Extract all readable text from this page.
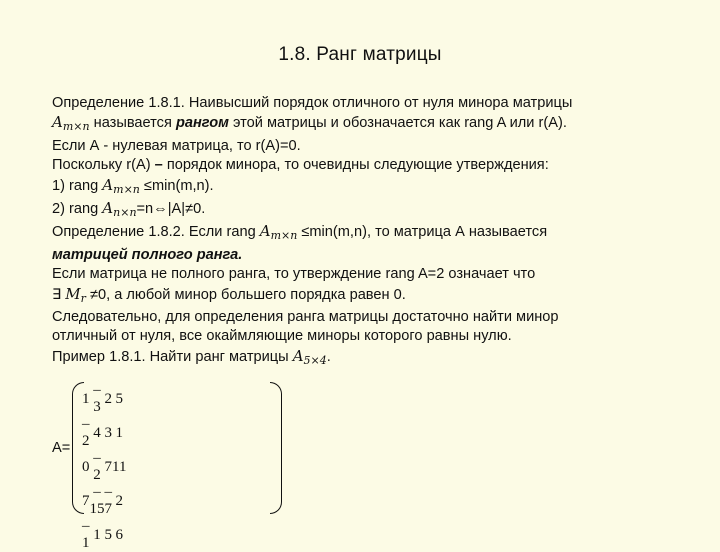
1.8. Ранг матрицы
Определение 1.8.1. Наивысший порядок отличного от нуля минора матрицы
$A_{m\times n}$ называется рангом этой матрицы и обозначается как rang A или r(A).
Если А - нулевая матрица, то r(A)=0.
Поскольку r(A) – порядок минора, то очевидны следующие утверждения:
1) rang $A_{m\times n} \le\min(m,n)$.
2) rang $A_{n\times n}=n\Leftrightarrow|A|\ne 0$.
Определение 1.8.2. Если rang $A_{m\times n} \le\min(m,n)$, то матрица А называется
матрицей полного ранга.
Если матрица не полного ранга, то утверждение rang A=2 означает что
∃ $M_r \ne 0$, а любой минор большего порядка равен 0.
Следовательно, для определения ранга матрицы достаточно найти минор
отличный от нуля, все окаймляющие миноры которого равны нулю.
Пример 1.8.1. Найти ранг матрицы $A_{5\times 4}$.
A=
1	– 3	2	5
– 2	4	3	1
0	– 2	7	11
7	–15	– 7	2
–1	1	5	6
